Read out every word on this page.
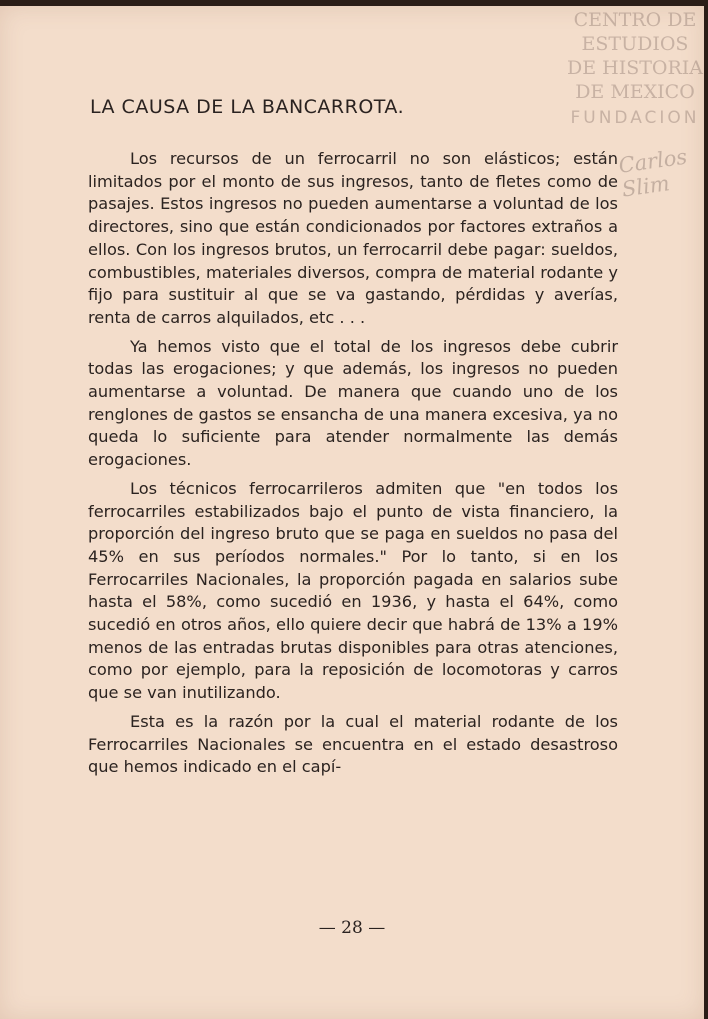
CENTRO DE
ESTUDIOS
DE HISTORIA
DE MEXICO
FUNDACION
Carlos Slim
LA CAUSA DE LA BANCARROTA.

Los recursos de un ferrocarril no son elásticos; están limitados por el monto de sus ingresos, tanto de fletes como de pasajes. Estos ingresos no pueden aumentarse a voluntad de los directores, sino que están condicionados por factores extraños a ellos. Con los ingresos brutos, un ferrocarril debe pagar: sueldos, combustibles, materiales diversos, compra de material rodante y fijo para sustituir al que se va gastando, pérdidas y averías, renta de carros alquilados, etc . . .

Ya hemos visto que el total de los ingresos debe cubrir todas las erogaciones; y que además, los ingresos no pueden aumentarse a voluntad. De manera que cuando uno de los renglones de gastos se ensancha de una manera excesiva, ya no queda lo suficiente para atender normalmente las demás erogaciones.

Los técnicos ferrocarrileros admiten que "en todos los ferrocarriles estabilizados bajo el punto de vista financiero, la proporción del ingreso bruto que se paga en sueldos no pasa del 45% en sus períodos normales." Por lo tanto, si en los Ferrocarriles Nacionales, la proporción pagada en salarios sube hasta el 58%, como sucedió en 1936, y hasta el 64%, como sucedió en otros años, ello quiere decir que habrá de 13% a 19% menos de las entradas brutas disponibles para otras atenciones, como por ejemplo, para la reposición de locomotoras y carros que se van inutilizando.

Esta es la razón por la cual el material rodante de los Ferrocarriles Nacionales se encuentra en el estado desastroso que hemos indicado en el capí-

— 28 —
